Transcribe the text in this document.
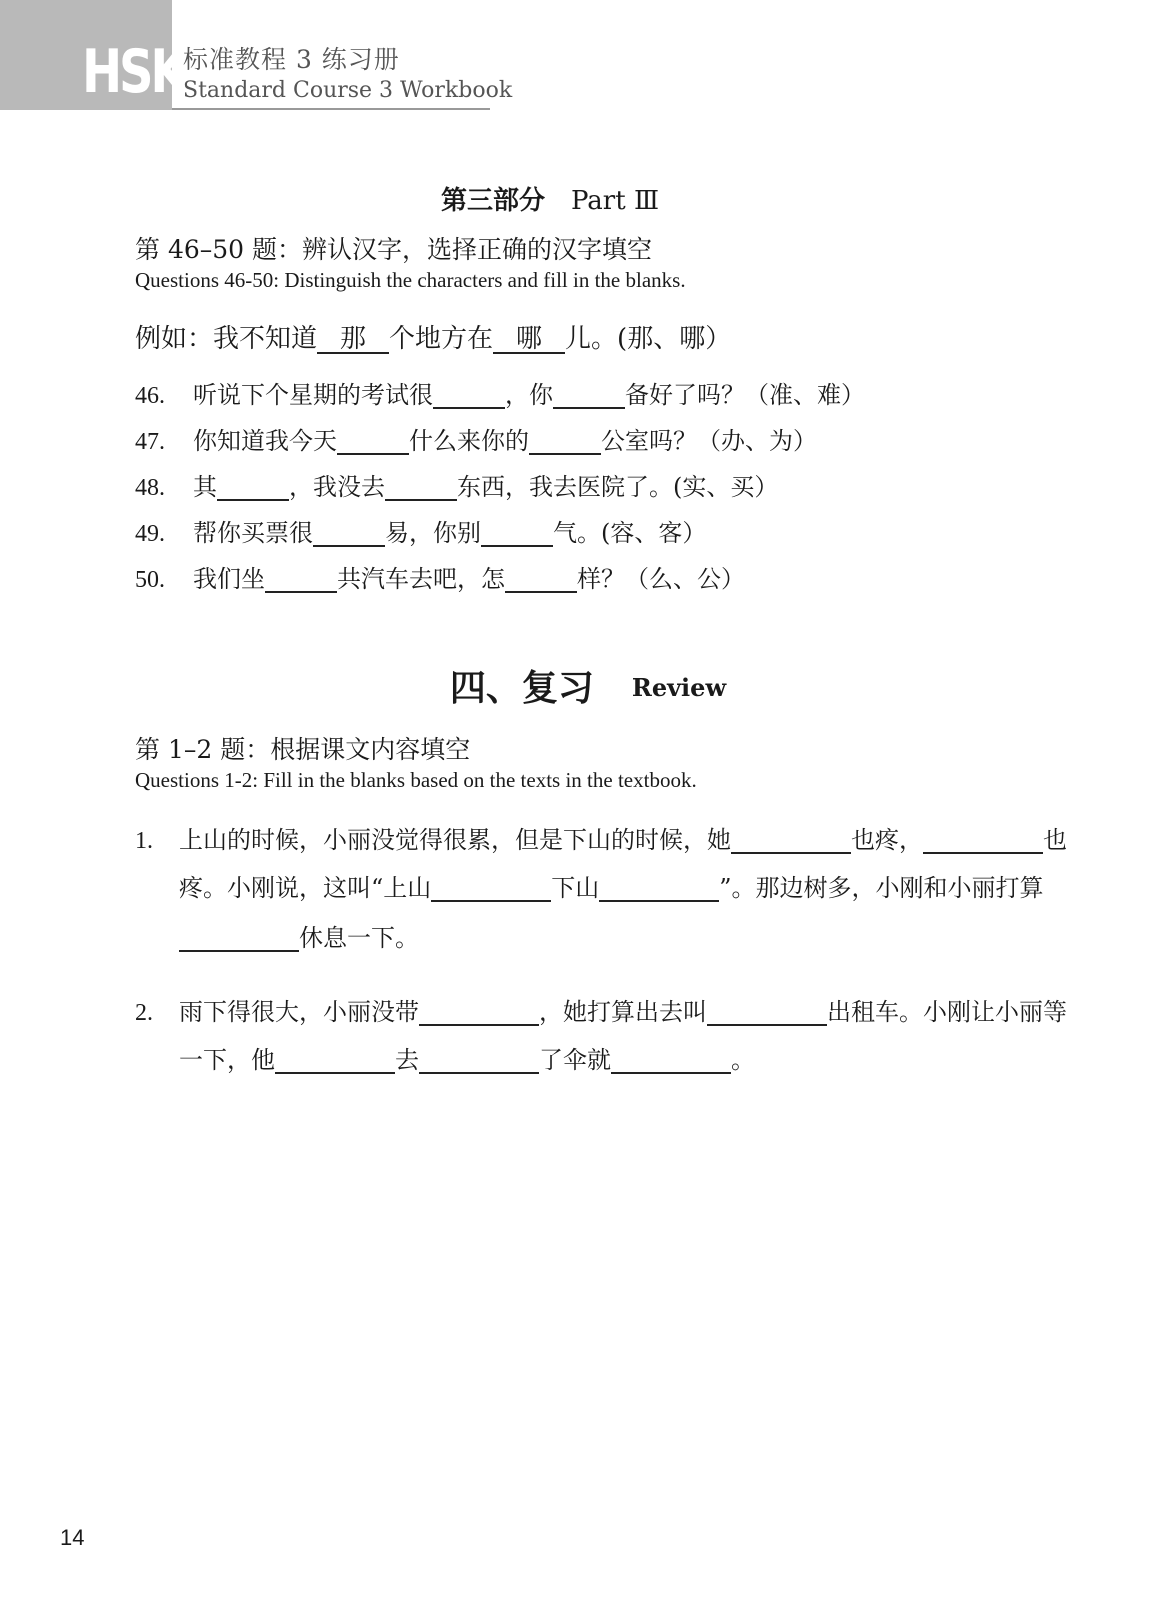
HSK
标准教程 3 练习册
Standard Course 3 Workbook
第三部分 Part Ⅲ
第 46–50 题：辨认汉字，选择正确的汉字填空
Questions 46-50: Distinguish the characters and fill in the blanks.
例如：我不知道 那 个地方在 哪 儿。(那、哪）
46. 听说下个星期的考试很	，你	备好了吗？（准、难）
47. 你知道我今天	什么来你的	公室吗？（办、为）
48. 其	，我没去	东西，我去医院了。(实、买）
49. 帮你买票很	易，你别	气。(容、客）
50. 我们坐	共汽车去吧，怎	样？（么、公）
四、复习 Review
第 1–2 题：根据课文内容填空
Questions 1-2: Fill in the blanks based on the texts in the textbook.
1. 上山的时候，小丽没觉得很累，但是下山的时候，她	也疼，	也
疼。小刚说，这叫“上山	下山	”。那边树多，小刚和小丽打算
休息一下。
2. 雨下得很大，小丽没带	，她打算出去叫	出租车。小刚让小丽等
一下，他	去	了伞就	。
14
